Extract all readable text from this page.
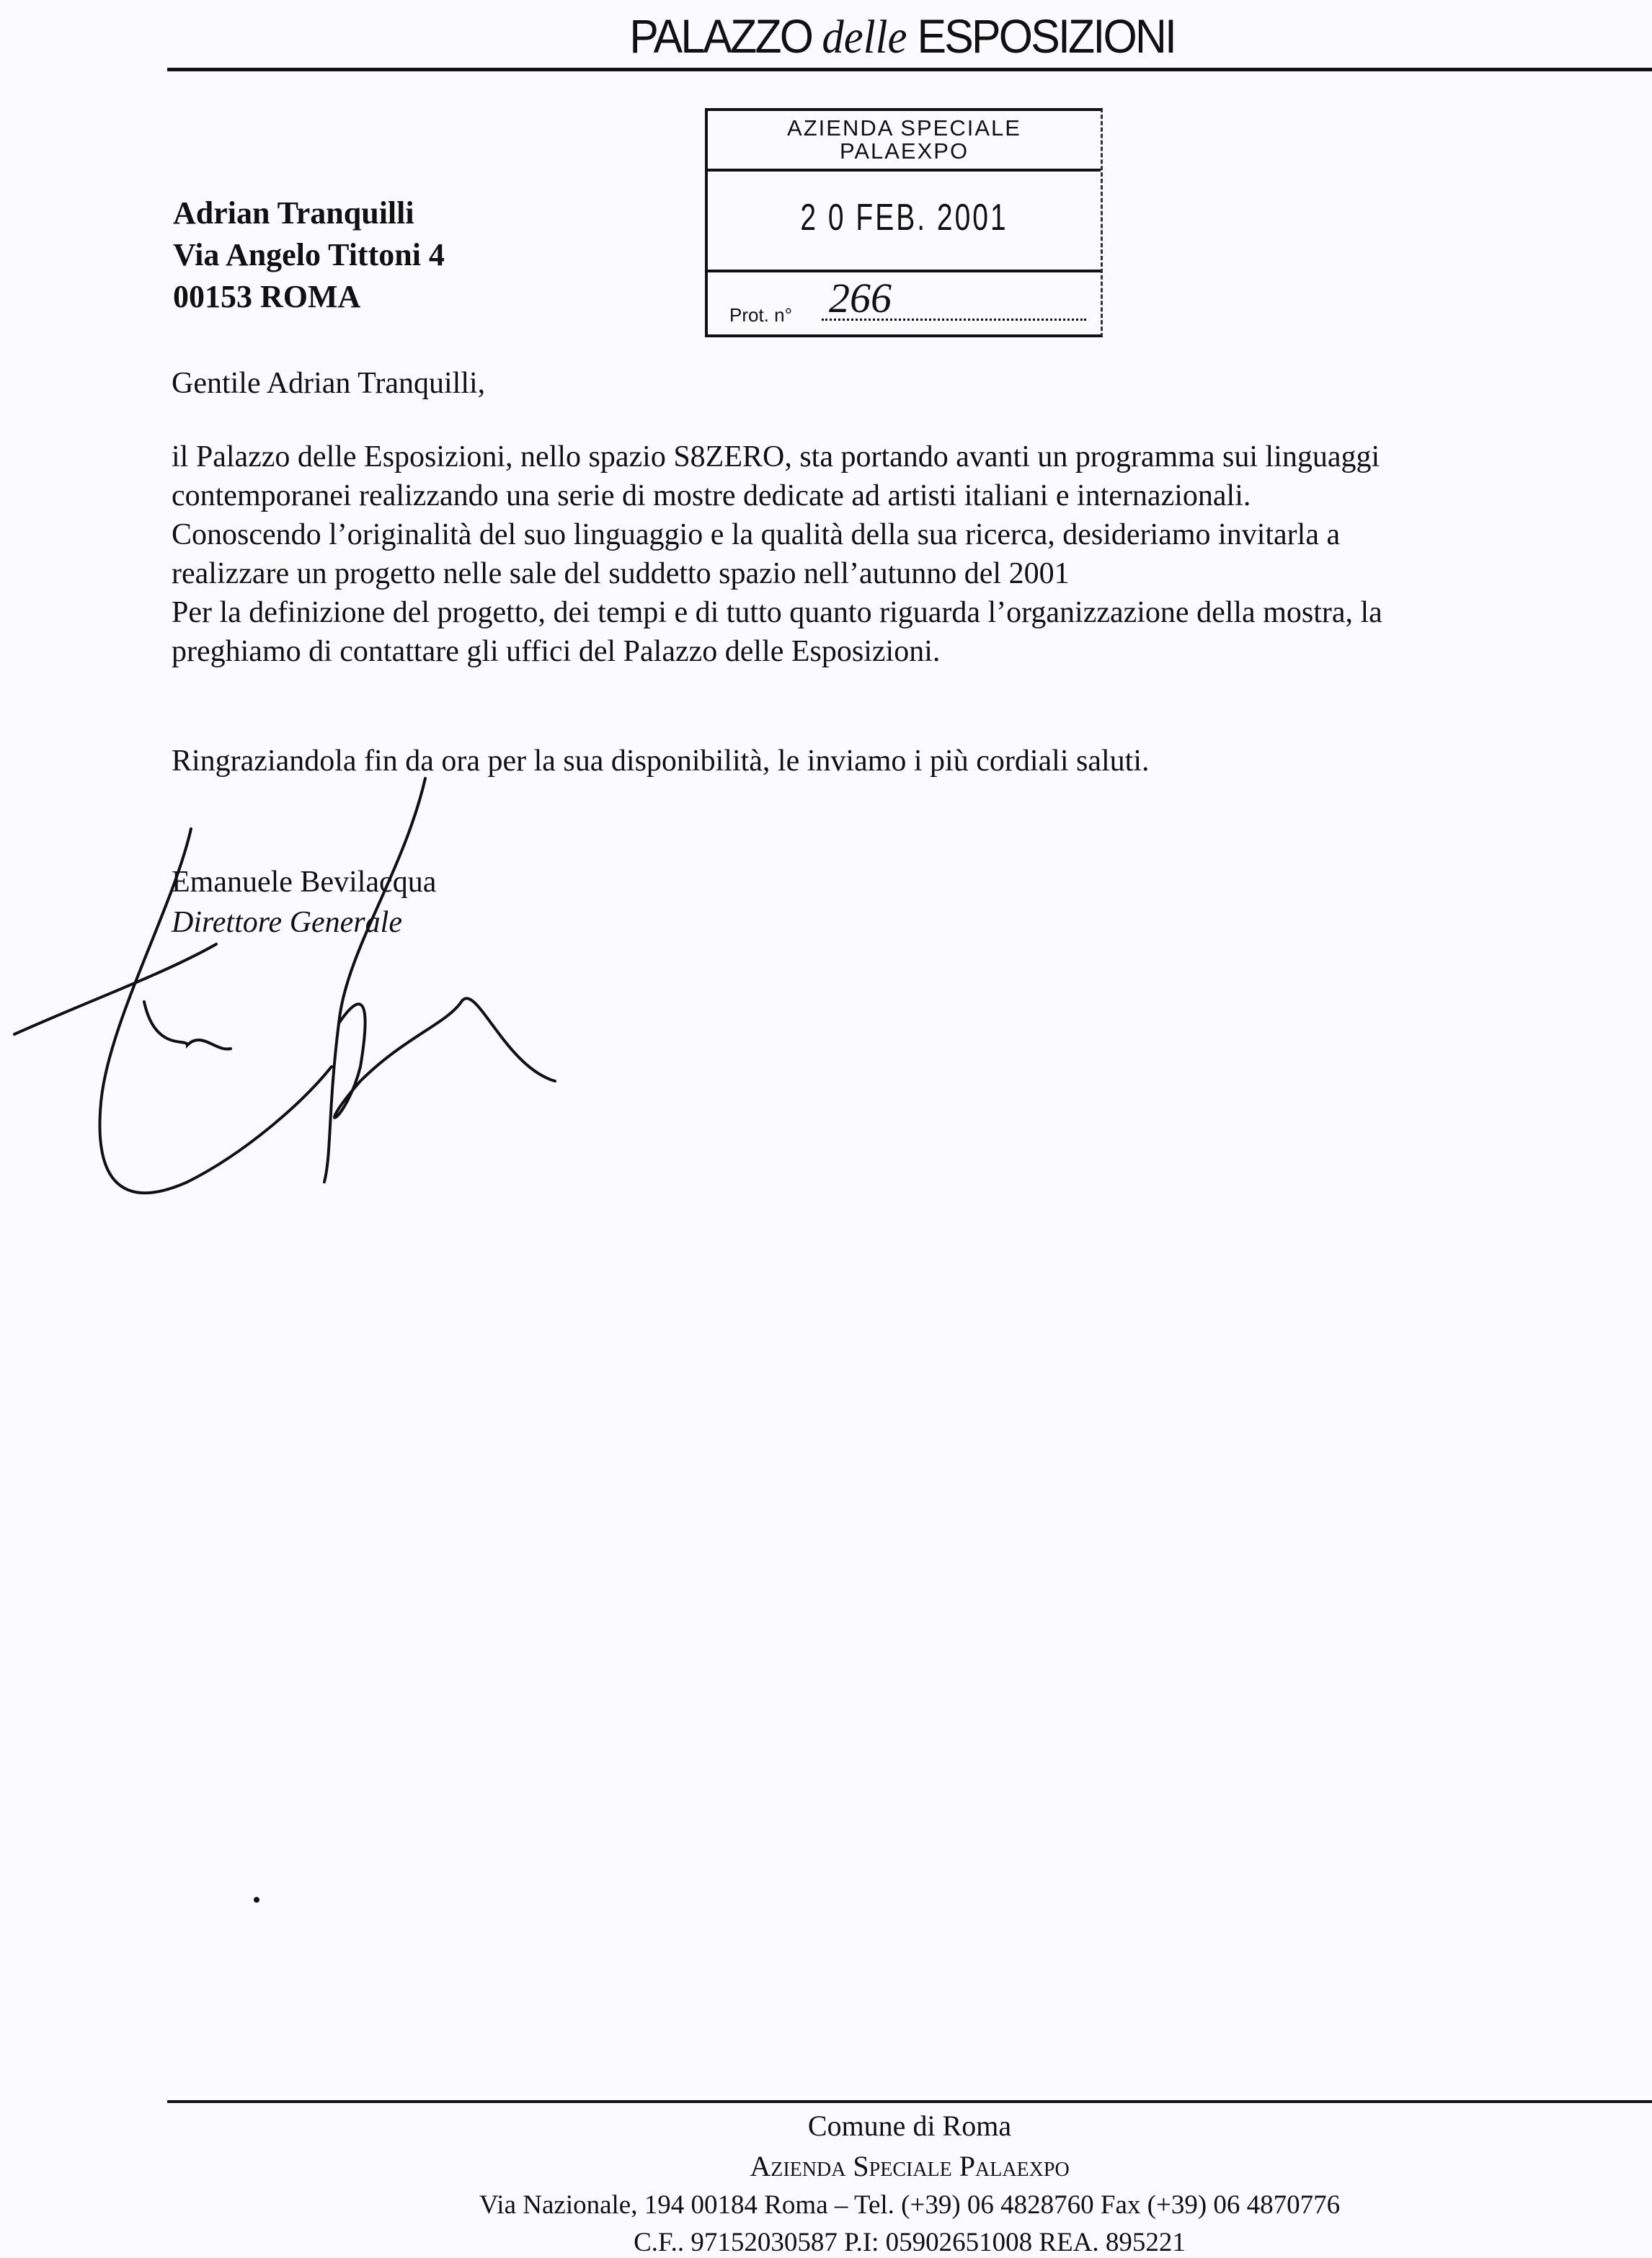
PALAZZO delle ESPOSIZIONI
AZIENDA SPECIALE
PALAEXPO
2 0 FEB. 2001
Prot. n° 266
Adrian Tranquilli
Via Angelo Tittoni 4
00153 ROMA
Gentile Adrian Tranquilli,
il Palazzo delle Esposizioni, nello spazio S8ZERO, sta portando avanti un programma sui linguaggi
contemporanei realizzando una serie di mostre dedicate ad artisti italiani e internazionali.
Conoscendo l’originalità del suo linguaggio e la qualità della sua ricerca, desideriamo invitarla a
realizzare un progetto nelle sale del suddetto spazio nell’autunno del 2001
Per la definizione del progetto, dei tempi e di tutto quanto riguarda l’organizzazione della mostra, la
preghiamo di contattare gli uffici del Palazzo delle Esposizioni.
Ringraziandola fin da ora per la sua disponibilità, le inviamo i più cordiali saluti.
Emanuele Bevilacqua
Direttore Generale
Comune di Roma
Azienda Speciale Palaexpo
Via Nazionale, 194 00184 Roma – Tel. (+39) 06 4828760 Fax (+39) 06 4870776
C.F.. 97152030587 P.I: 05902651008 REA. 895221
